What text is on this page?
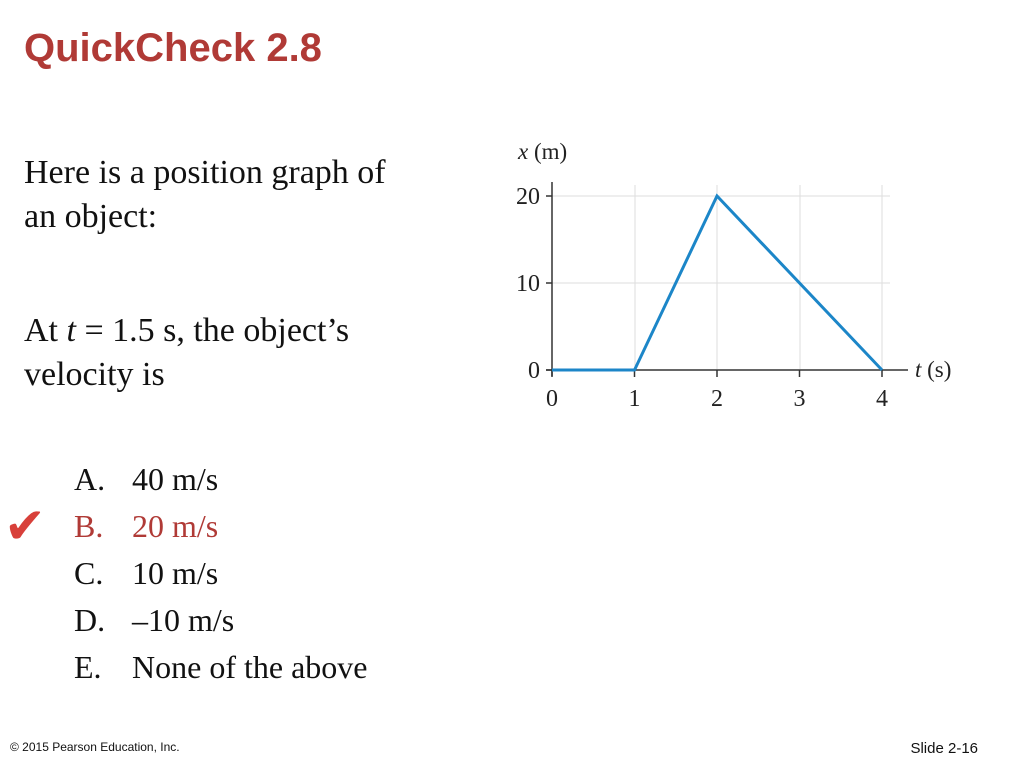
QuickCheck 2.8

Here is a position graph of an object:

At t = 1.5 s, the object’s velocity is

0	1	2	3	4
0
10
20
x (m)
t (s)
A. 40 m/s
B. 20 m/s
C. 10 m/s
D. –10 m/s
E. None of the above
✔
© 2015 Pearson Education, Inc.	Slide 2-16
